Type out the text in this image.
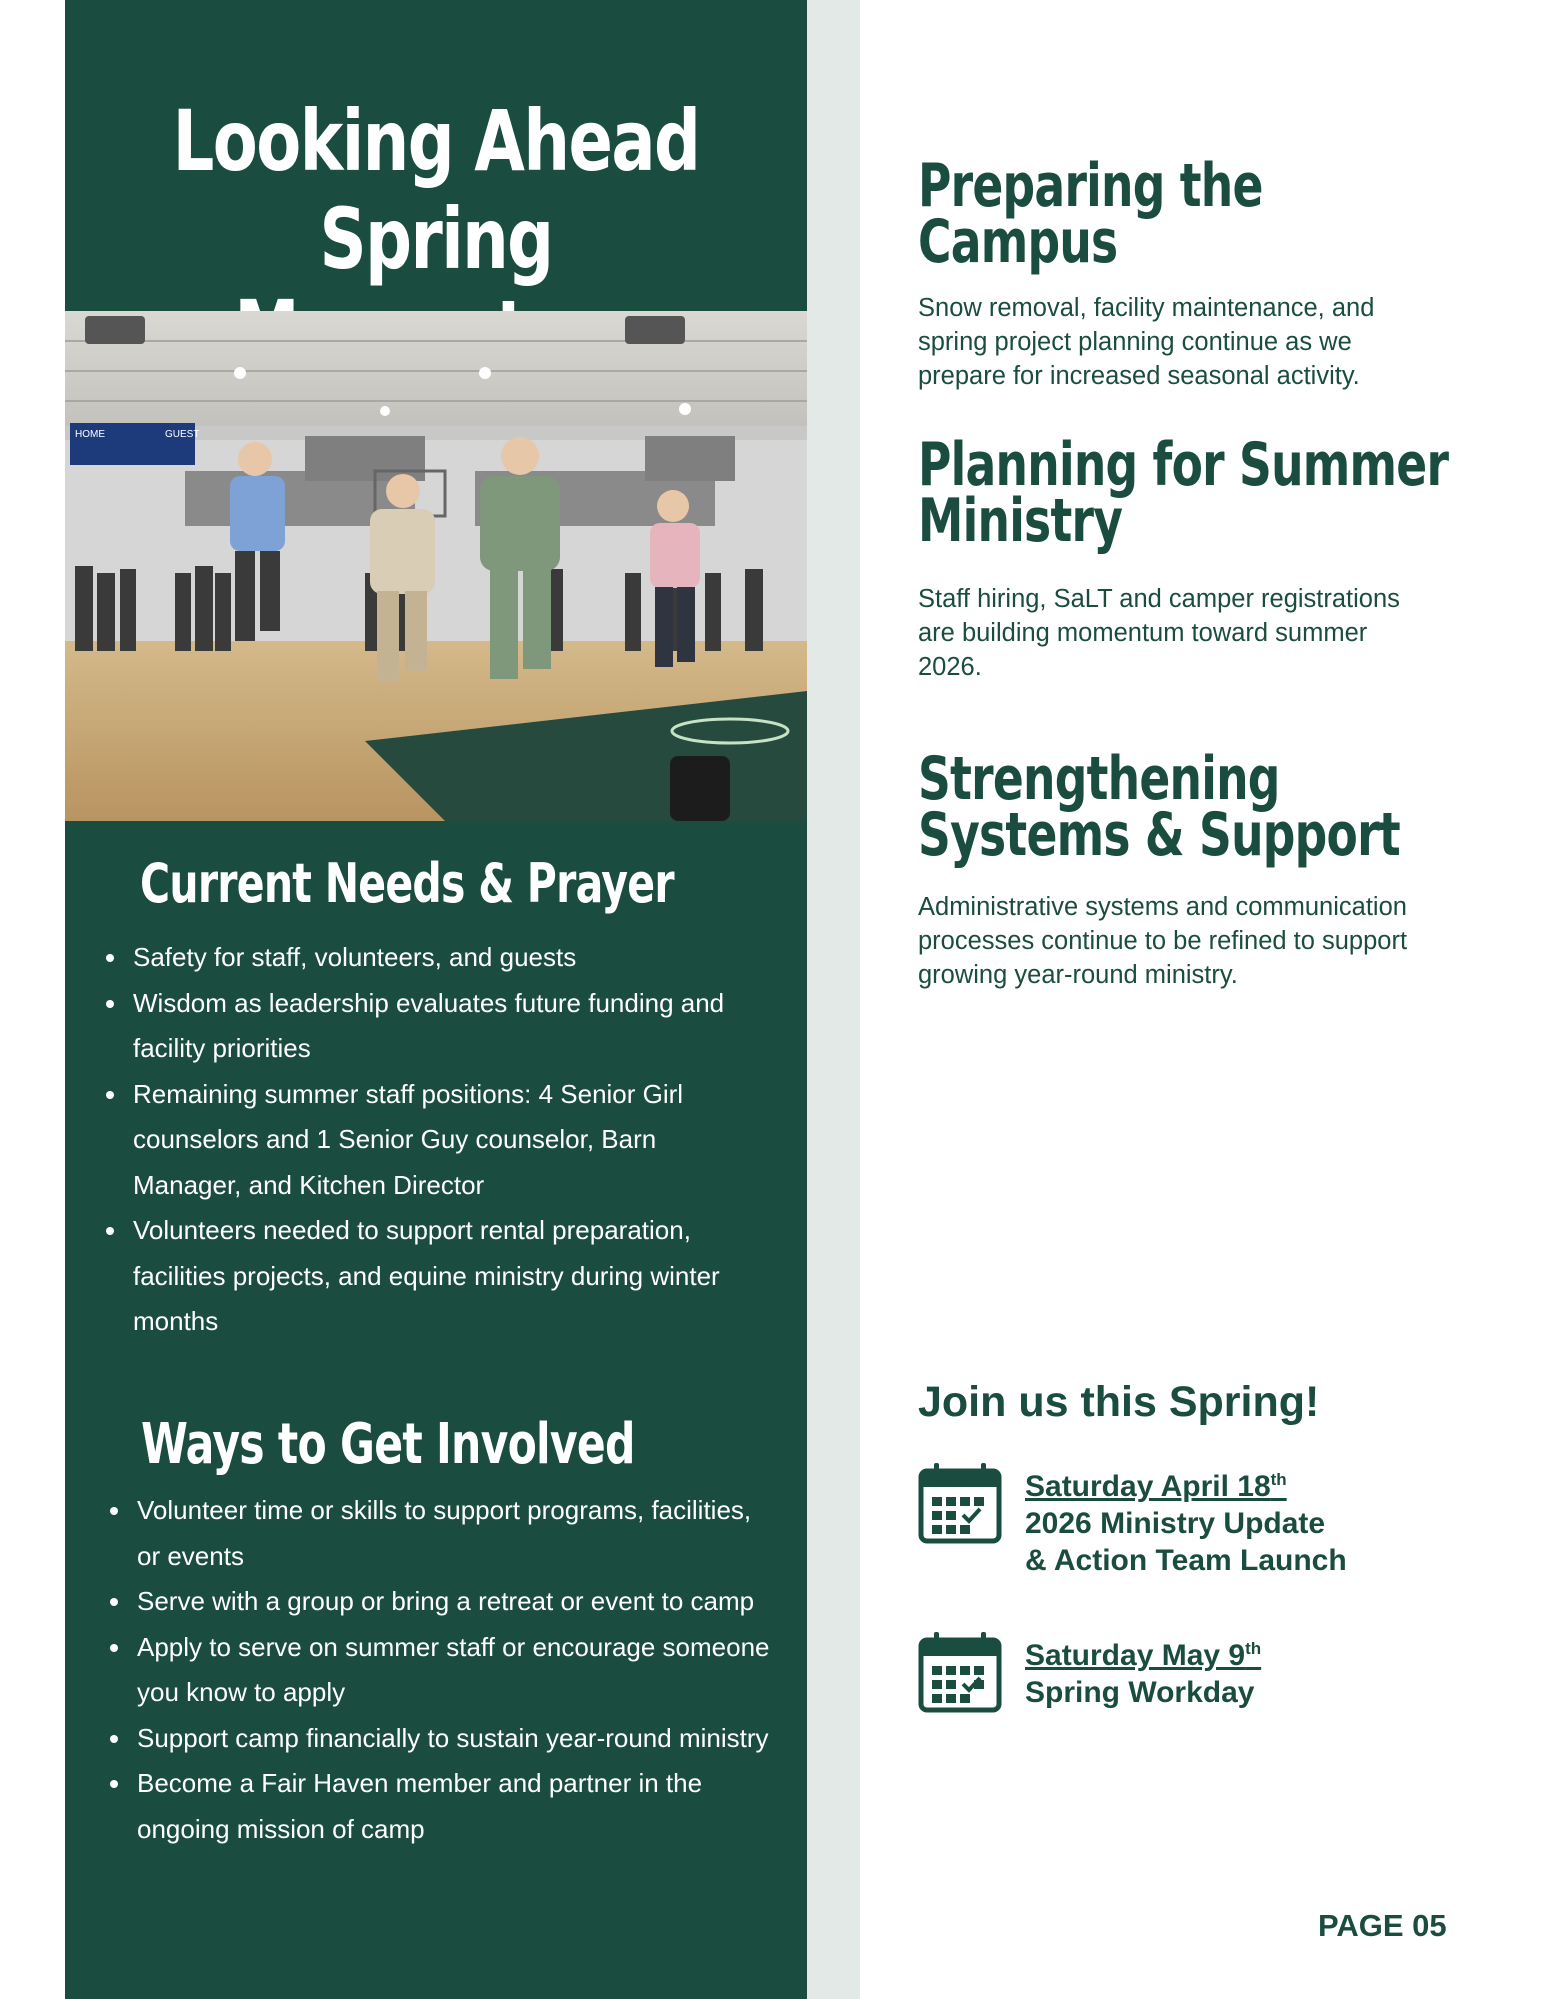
Looking Ahead
Spring
HOME	GUEST
Current Needs & Prayer
• Safety for staff, volunteers, and guests
• Wisdom as leadership evaluates future funding and facility priorities
• Remaining summer staff positions: 4 Senior Girl counselors and 1 Senior Guy counselor, Barn Manager, and Kitchen Director
• Volunteers needed to support rental preparation, facilities projects, and equine ministry during winter months
Ways to Get Involved
• Volunteer time or skills to support programs, facilities, or events
• Serve with a group or bring a retreat or event to camp
• Apply to serve on summer staff or encourage someone you know to apply
• Support camp financially to sustain year-round ministry
• Become a Fair Haven member and partner in the ongoing mission of camp
Preparing the
Campus
Snow removal, facility maintenance, and spring project planning continue as we prepare for increased seasonal activity.
Planning for Summer
Ministry
Staff hiring, SaLT and camper registrations are building momentum toward summer 2026.
Strengthening
Systems & Support
Administrative systems and communication processes continue to be refined to support growing year-round ministry.
Join us this Spring!
Saturday April 18th
2026 Ministry Update
& Action Team Launch
Saturday May 9th
Spring Workday
PAGE 05
